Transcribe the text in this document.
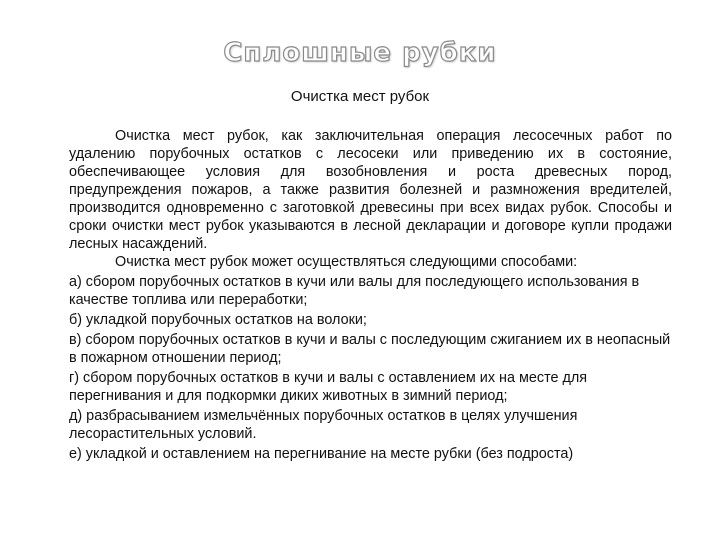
Сплошные рубки
Очистка мест рубок

Очистка мест рубок, как заключительная операция лесосечных работ по удалению порубочных остатков с лесосеки или приведению их в состояние, обеспечивающее условия для возобновления и роста древесных пород, предупреждения пожаров, а также развития болезней и размножения вредителей, производится одновременно с заготовкой древесины при всех видах рубок. Способы и сроки очистки мест рубок указываются в лесной декларации и договоре купли продажи лесных насаждений.

Очистка мест рубок может осуществляться следующими способами:

а) сбором порубочных остатков в кучи или валы для последующего использования в качестве топлива или переработки;

б) укладкой порубочных остатков на волоки;

в) сбором порубочных остатков в кучи и валы с последующим сжиганием их в неопасный в пожарном отношении период;

г) сбором порубочных остатков в кучи и валы с оставлением их на месте для перегнивания и для подкормки диких животных в зимний период;

д) разбрасыванием измельчённых порубочных остатков в целях улучшения лесорастительных условий.

е) укладкой и оставлением на перегнивание на месте рубки (без подроста)
